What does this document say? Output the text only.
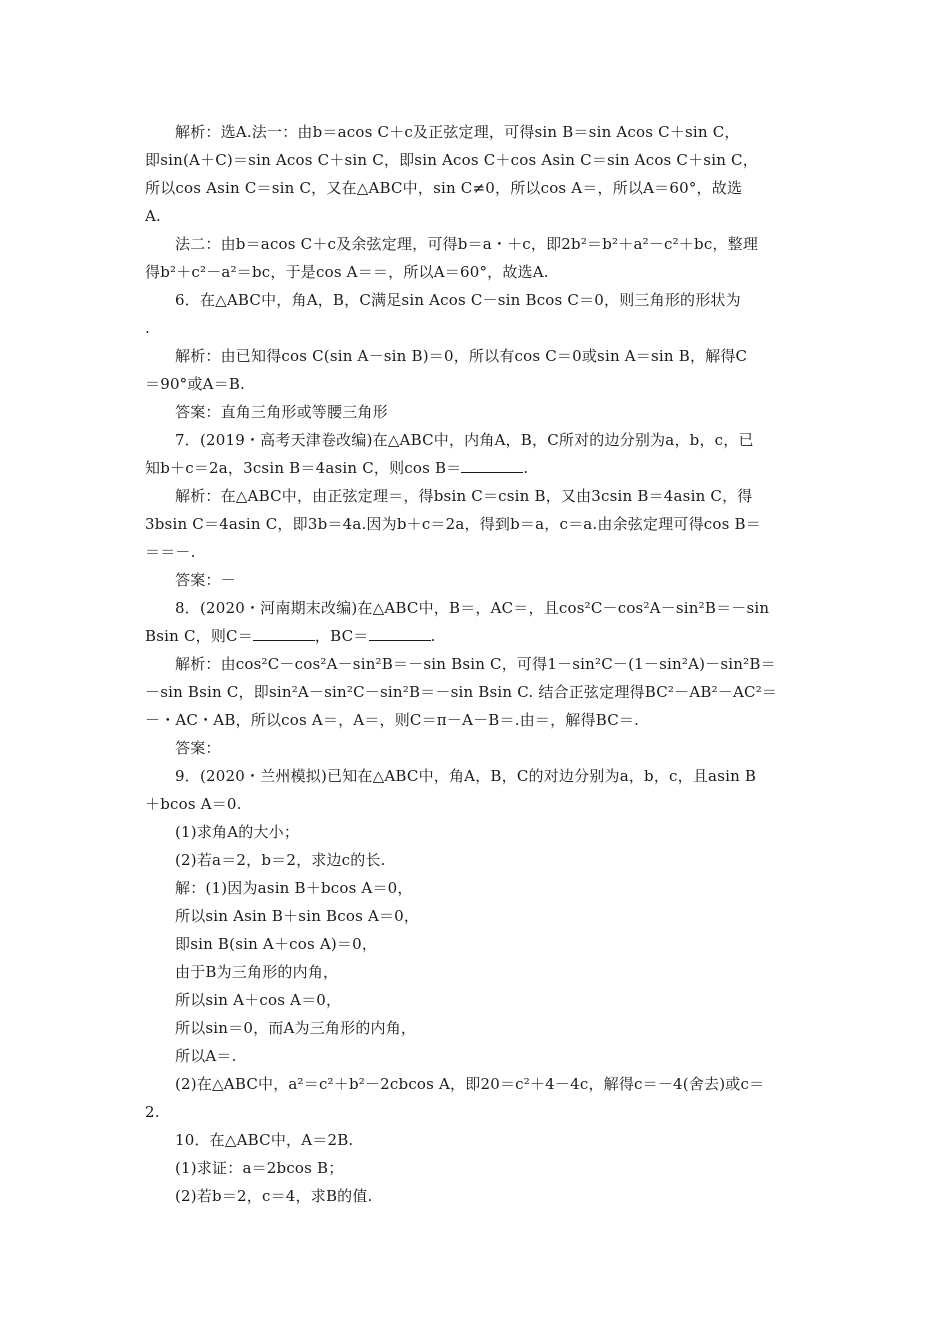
解析：选A.法一：由b＝acos C＋c及正弦定理，可得sin B＝sin Acos C＋sin C，
即sin(A＋C)＝sin Acos C＋sin C，即sin Acos C＋cos Asin C＝sin Acos C＋sin C，
所以cos Asin C＝sin C，又在△ABC中，sin C≠0，所以cos A＝，所以A＝60°，故选
A.
法二：由b＝acos C＋c及余弦定理，可得b＝a・＋c，即2b²＝b²＋a²－c²＋bc，整理
得b²＋c²－a²＝bc，于是cos A＝＝，所以A＝60°，故选A.
6．在△ABC中，角A，B，C满足sin Acos C－sin Bcos C＝0，则三角形的形状为
.
解析：由已知得cos C(sin A－sin B)＝0，所以有cos C＝0或sin A＝sin B，解得C
＝90°或A＝B.
答案：直角三角形或等腰三角形
7．(2019・高考天津卷改编)在△ABC中，内角A，B，C所对的边分别为a，b，c，已
知b＋c＝2a，3csin B＝4asin C，则cos B＝	.
解析：在△ABC中，由正弦定理＝，得bsin C＝csin B，又由3csin B＝4asin C，得
3bsin C＝4asin C，即3b＝4a.因为b＋c＝2a，得到b＝a，c＝a.由余弦定理可得cos B＝
＝＝－.
答案：－
8．(2020・河南期末改编)在△ABC中，B＝，AC＝，且cos²C－cos²A－sin²B＝－sin
Bsin C，则C＝	，BC＝	.
解析：由cos²C－cos²A－sin²B＝－sin Bsin C，可得1－sin²C－(1－sin²A)－sin²B＝
－sin Bsin C，即sin²A－sin²C－sin²B＝－sin Bsin C. 结合正弦定理得BC²－AB²－AC²＝
－・AC・AB，所以cos A＝，A＝，则C＝π－A－B＝.由＝，解得BC＝.
答案：
9．(2020・兰州模拟)已知在△ABC中，角A，B，C的对边分别为a，b，c，且asin B
＋bcos A＝0.
(1)求角A的大小；
(2)若a＝2，b＝2，求边c的长.
解：(1)因为asin B＋bcos A＝0，
所以sin Asin B＋sin Bcos A＝0，
即sin B(sin A＋cos A)＝0，
由于B为三角形的内角，
所以sin A＋cos A＝0，
所以sin＝0，而A为三角形的内角，
所以A＝.
(2)在△ABC中，a²＝c²＋b²－2cbcos A，即20＝c²＋4－4c，解得c＝－4(舍去)或c＝
2.
10．在△ABC中，A＝2B.
(1)求证：a＝2bcos B；
(2)若b＝2，c＝4，求B的值.
